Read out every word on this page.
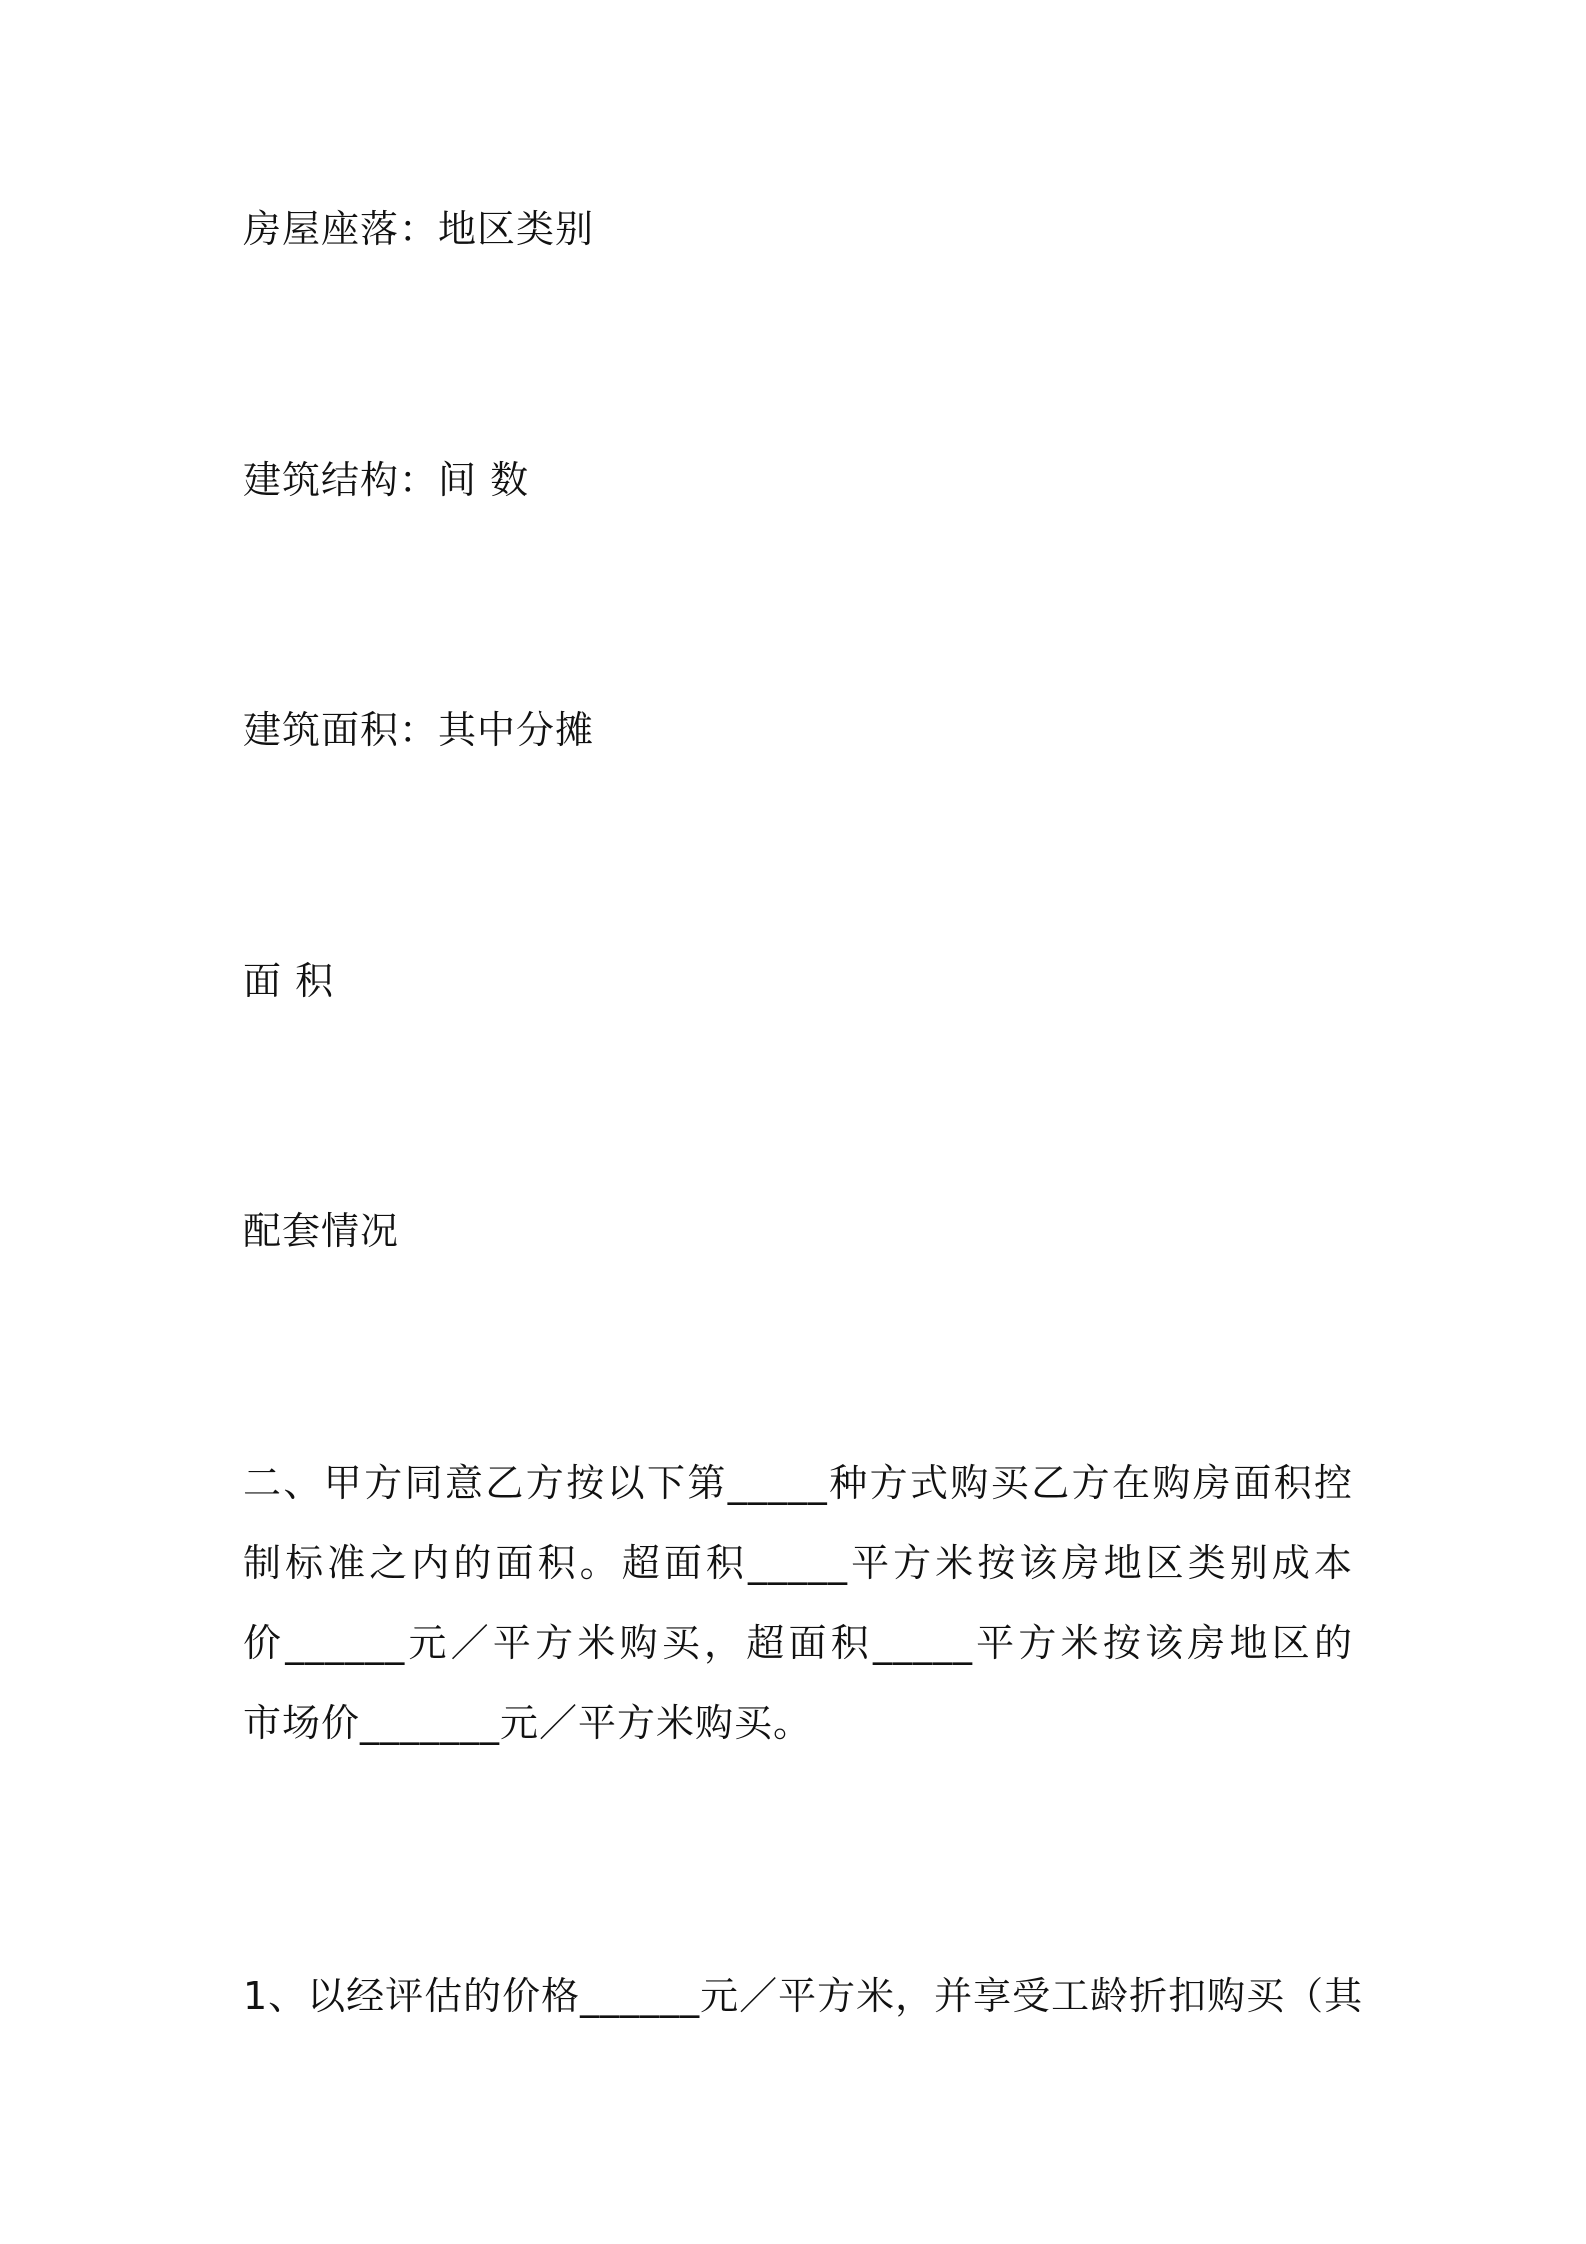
房屋座落：地区类别
建筑结构：间 数
建筑面积：其中分摊
面 积
配套情况
二、甲方同意乙方按以下第_____种方式购买乙方在购房面积控
制标准之内的面积。超面积_____平方米按该房地区类别成本
价______元／平方米购买，超面积_____平方米按该房地区的
市场价_______元／平方米购买。
1、以经评估的价格______元／平方米，并享受工龄折扣购买（其
